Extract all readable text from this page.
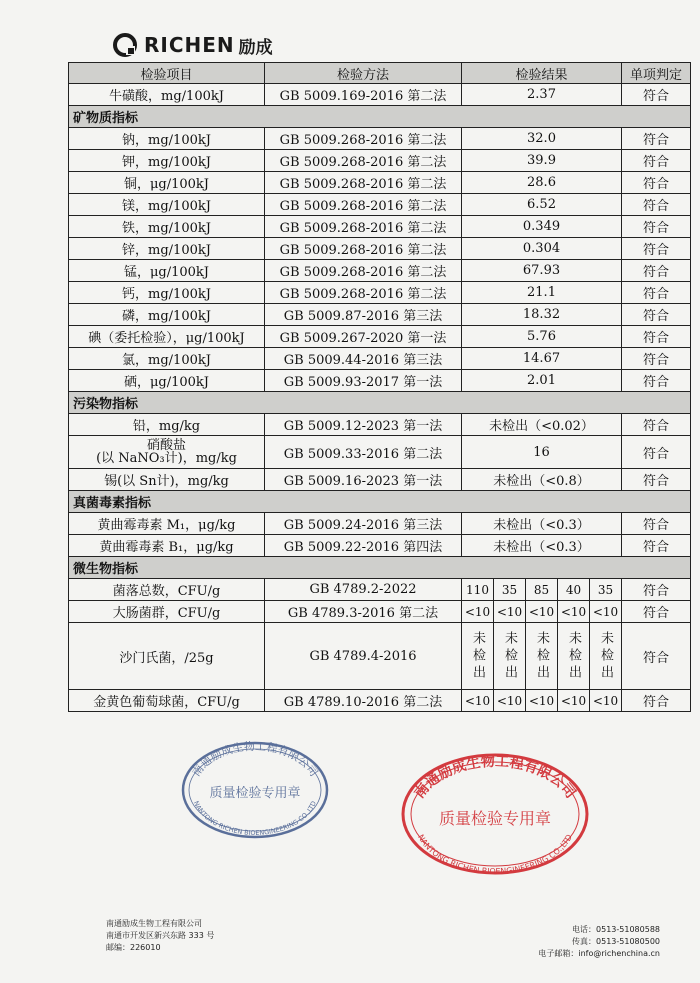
RICHEN 励成
检验项目	检验方法	检验结果	单项判定
牛磺酸，mg/100kJ	GB 5009.169-2016 第二法	2.37	符合
矿物质指标			
钠，mg/100kJ	GB 5009.268-2016 第二法	32.0	符合
钾，mg/100kJ	GB 5009.268-2016 第二法	39.9	符合
铜，μg/100kJ	GB 5009.268-2016 第二法	28.6	符合
镁，mg/100kJ	GB 5009.268-2016 第二法	6.52	符合
铁，mg/100kJ	GB 5009.268-2016 第二法	0.349	符合
锌，mg/100kJ	GB 5009.268-2016 第二法	0.304	符合
锰，μg/100kJ	GB 5009.268-2016 第二法	67.93	符合
钙，mg/100kJ	GB 5009.268-2016 第二法	21.1	符合
磷，mg/100kJ	GB 5009.87-2016 第三法	18.32	符合
碘（委托检验），μg/100kJ	GB 5009.267-2020 第一法	5.76	符合
氯，mg/100kJ	GB 5009.44-2016 第三法	14.67	符合
硒，μg/100kJ	GB 5009.93-2017 第一法	2.01	符合
污染物指标			
铅，mg/kg	GB 5009.12-2023 第一法	未检出（<0.02）	符合

硝酸盐
(以 NaNO₃计)，mg/kg	GB 5009.33-2016 第二法	16	符合
锡(以 Sn计)，mg/kg	GB 5009.16-2023 第一法	未检出（<0.8）	符合
真菌毒素指标			
黄曲霉毒素 M₁，μg/kg	GB 5009.24-2016 第三法	未检出（<0.3）	符合
黄曲霉毒素 B₁，μg/kg	GB 5009.22-2016 第四法	未检出（<0.3）	符合
微生物指标			
菌落总数，CFU/g	GB 4789.2-2022	110 35 85 40 35	符合
大肠菌群，CFU/g	GB 4789.3-2016 第二法	<10 <10 <10 <10 <10	符合
沙门氏菌，/25g	GB 4789.4-2016	未检出 未检出 未检出 未检出 未检出	符合
金黄色葡萄球菌，CFU/g	GB 4789.10-2016 第二法	<10 <10 <10 <10 <10	符合
南通励成生物工程有限公司
质量检验专用章
NANTONG RICHEN BIOENGINEERING CO.,LTD
南通励成生物工程有限公司
质量检验专用章
NANTONG RICHEN BIOENGINEERING CO.,LTD
南通励成生物工程有限公司
南通市开发区新兴东路 333 号
邮编：226010
电话：0513-51080588
传真：0513-51080500
电子邮箱：info@richenchina.cn
